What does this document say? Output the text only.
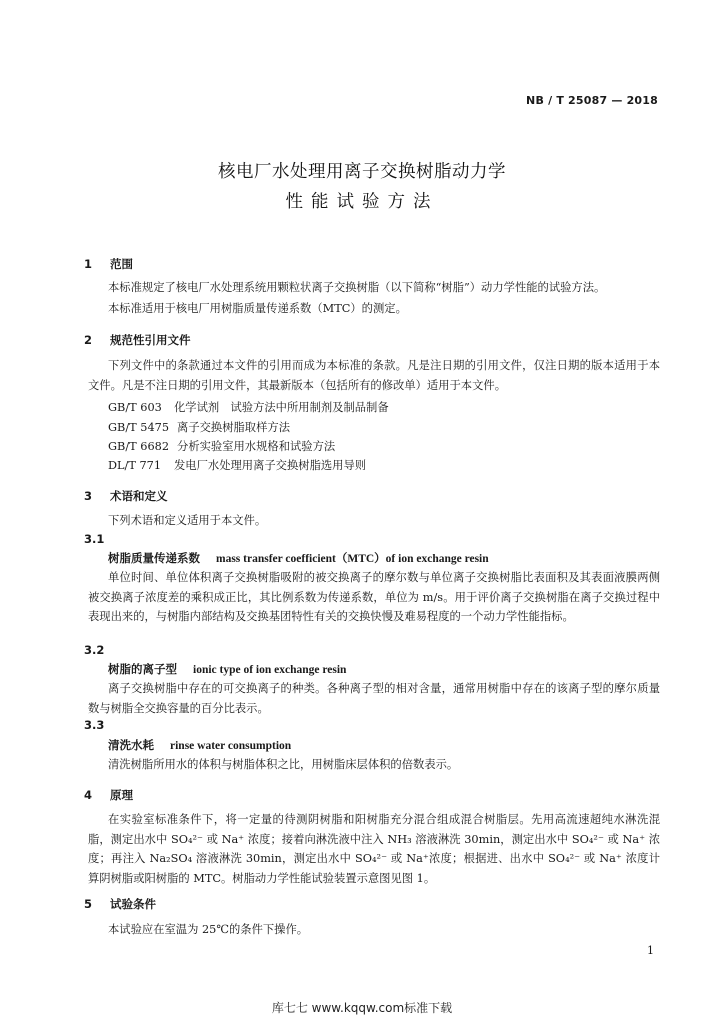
NB / T 25087 — 2018
核电厂水处理用离子交换树脂动力学
性能试验方法
1 范围
本标准规定了核电厂水处理系统用颗粒状离子交换树脂（以下简称“树脂”）动力学性能的试验方法。
本标准适用于核电厂用树脂质量传递系数（MTC）的测定。
2 规范性引用文件
下列文件中的条款通过本文件的引用而成为本标准的条款。凡是注日期的引用文件，仅注日期的版本适用于本文件。凡是不注日期的引用文件，其最新版本（包括所有的修改单）适用于本文件。
GB/T 603 化学试剂　试验方法中所用制剂及制品制备
GB/T 5475 离子交换树脂取样方法
GB/T 6682 分析实验室用水规格和试验方法
DL/T 771 发电厂水处理用离子交换树脂选用导则
3 术语和定义
下列术语和定义适用于本文件。
3.1
树脂质量传递系数 mass transfer coefficient（MTC）of ion exchange resin
单位时间、单位体积离子交换树脂吸附的被交换离子的摩尔数与单位离子交换树脂比表面积及其表面液膜两侧被交换离子浓度差的乘积成正比，其比例系数为传递系数，单位为 m/s。用于评价离子交换树脂在离子交换过程中表现出来的，与树脂内部结构及交换基团特性有关的交换快慢及难易程度的一个动力学性能指标。
3.2
树脂的离子型 ionic type of ion exchange resin
离子交换树脂中存在的可交换离子的种类。各种离子型的相对含量，通常用树脂中存在的该离子型的摩尔质量数与树脂全交换容量的百分比表示。
3.3
清洗水耗 rinse water consumption
清洗树脂所用水的体积与树脂体积之比，用树脂床层体积的倍数表示。
4 原理
在实验室标准条件下，将一定量的待测阴树脂和阳树脂充分混合组成混合树脂层。先用高流速超纯水淋洗混脂，测定出水中 SO₄²⁻ 或 Na⁺ 浓度；接着向淋洗液中注入 NH₃ 溶液淋洗 30min，测定出水中 SO₄²⁻ 或 Na⁺ 浓度；再注入 Na₂SO₄ 溶液淋洗 30min，测定出水中 SO₄²⁻ 或 Na⁺浓度；根据进、出水中 SO₄²⁻ 或 Na⁺ 浓度计算阴树脂或阳树脂的 MTC。树脂动力学性能试验装置示意图见图 1。
5 试验条件
本试验应在室温为 25℃的条件下操作。
1
库七七 www.kqqw.com标准下载
